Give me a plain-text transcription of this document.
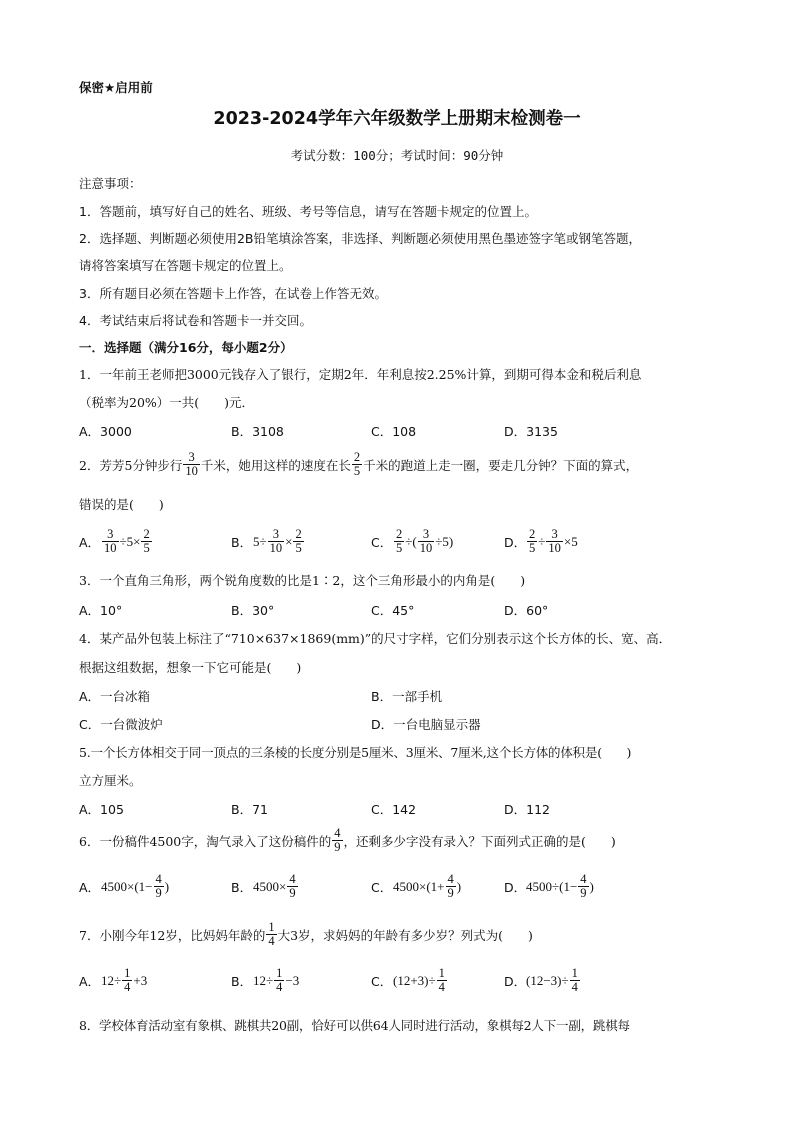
保密★启用前
2023-2024学年六年级数学上册期末检测卷一
考试分数：100分；考试时间：90分钟
注意事项：
1．答题前，填写好自己的姓名、班级、考号等信息，请写在答题卡规定的位置上。
2．选择题、判断题必须使用2B铅笔填涂答案，非选择、判断题必须使用黑色墨迹签字笔或钢笔答题，
请将答案填写在答题卡规定的位置上。
3．所有题目必须在答题卡上作答，在试卷上作答无效。
4．考试结束后将试卷和答题卡一并交回。
一．选择题（满分16分，每小题2分）
1．一年前王老师把3000元钱存入了银行，定期2年．年利息按2.25%计算，到期可得本金和税后利息
（税率为20%）一共(　　)元．
A．3000	B．3108	C．108	D．3135
2．芳芳5分钟步行 $\frac{3}{10}$ 千米，她用这样的速度在长 $\frac{2}{5}$ 千米的跑道上走一圈，要走几分钟？下面的算式，
错误的是(　　)
A． $\frac{3}{10} \div 5 \times \frac{2}{5}$	B． $5 \div \frac{3}{10} \times \frac{2}{5}$	C． $\frac{2}{5}$ ÷ ( $\frac{3}{10} \div 5$)	D． $\frac{2}{5} \div \frac{3}{10} \times 5$
3．一个直角三角形，两个锐角度数的比是1∶2，这个三角形最小的内角是(　　)
A．10°	B．30°	C．45°	D．60°
4．某产品外包装上标注了“710×637×1869(mm)”的尺寸字样，它们分别表示这个长方体的长、宽、高．
根据这组数据，想象一下它可能是(　　)
A．一台冰箱	B．一部手机
C．一台微波炉	D．一台电脑显示器
5.一个长方体相交于同一顶点的三条棱的长度分别是5厘米、3厘米、7厘米,这个长方体的体积是(　　)
立方厘米。
A．105	B．71	C．142	D．112
6．一份稿件4500字，淘气录入了这份稿件的 $\frac{4}{9}$ ，还剩多少字没有录入？下面列式正确的是(　　)
A． $4500\times(1- \frac{4}{9}$ )	B． $4500\times \frac{4}{9}$	C． $4500\times(1+ \frac{4}{9}$ )	D． $4500\div(1- \frac{4}{9}$ )
7．小刚今年12岁，比妈妈年龄的 $\frac{1}{4}$ 大3岁，求妈妈的年龄有多少岁？列式为(　　)
A． $12\div \frac{1}{4} +3$	B． $12\div \frac{1}{4} -3$	C． $(12+3)\div \frac{1}{4}$	D． $(12-3)\div \frac{1}{4}$
8．学校体育活动室有象棋、跳棋共20副，恰好可以供64人同时进行活动，象棋每2人下一副，跳棋每
